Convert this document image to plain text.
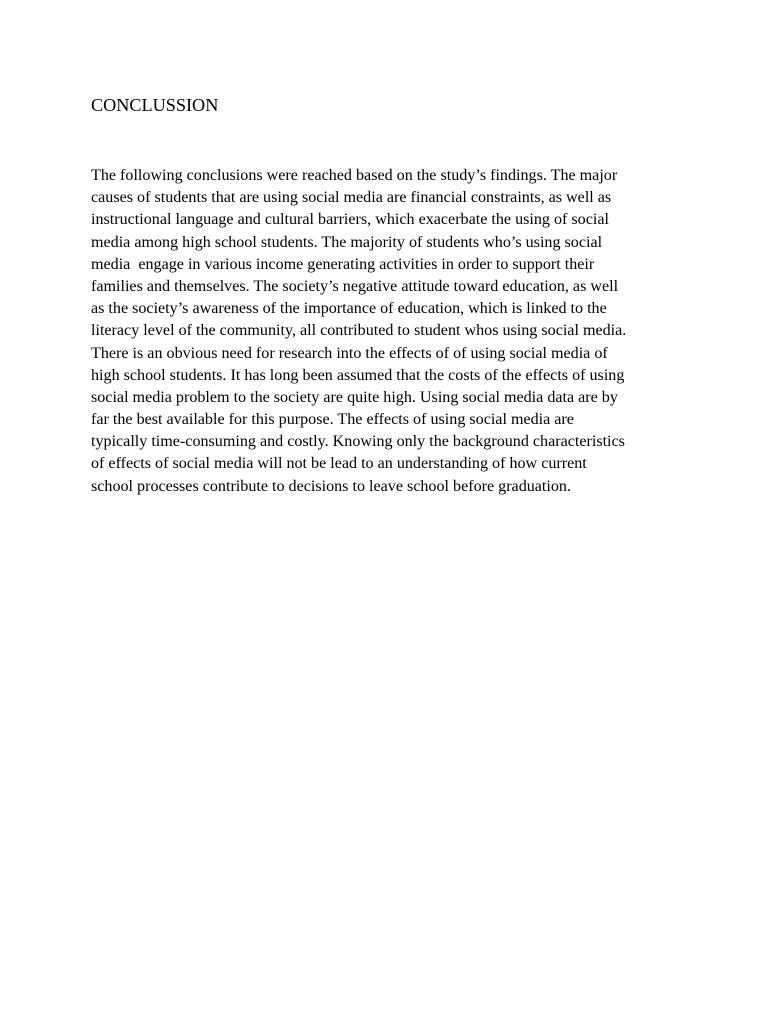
CONCLUSSION
The following conclusions were reached based on the study’s findings. The major
causes of students that are using social media are financial constraints, as well as
instructional language and cultural barriers, which exacerbate the using of social
media among high school students. The majority of students who’s using social
media  engage in various income generating activities in order to support their
families and themselves. The society’s negative attitude toward education, as well
as the society’s awareness of the importance of education, which is linked to the
literacy level of the community, all contributed to student whos using social media.
There is an obvious need for research into the effects of of using social media of
high school students. It has long been assumed that the costs of the effects of using
social media problem to the society are quite high. Using social media data are by
far the best available for this purpose. The effects of using social media are
typically time-consuming and costly. Knowing only the background characteristics
of effects of social media will not be lead to an understanding of how current
school processes contribute to decisions to leave school before graduation.
